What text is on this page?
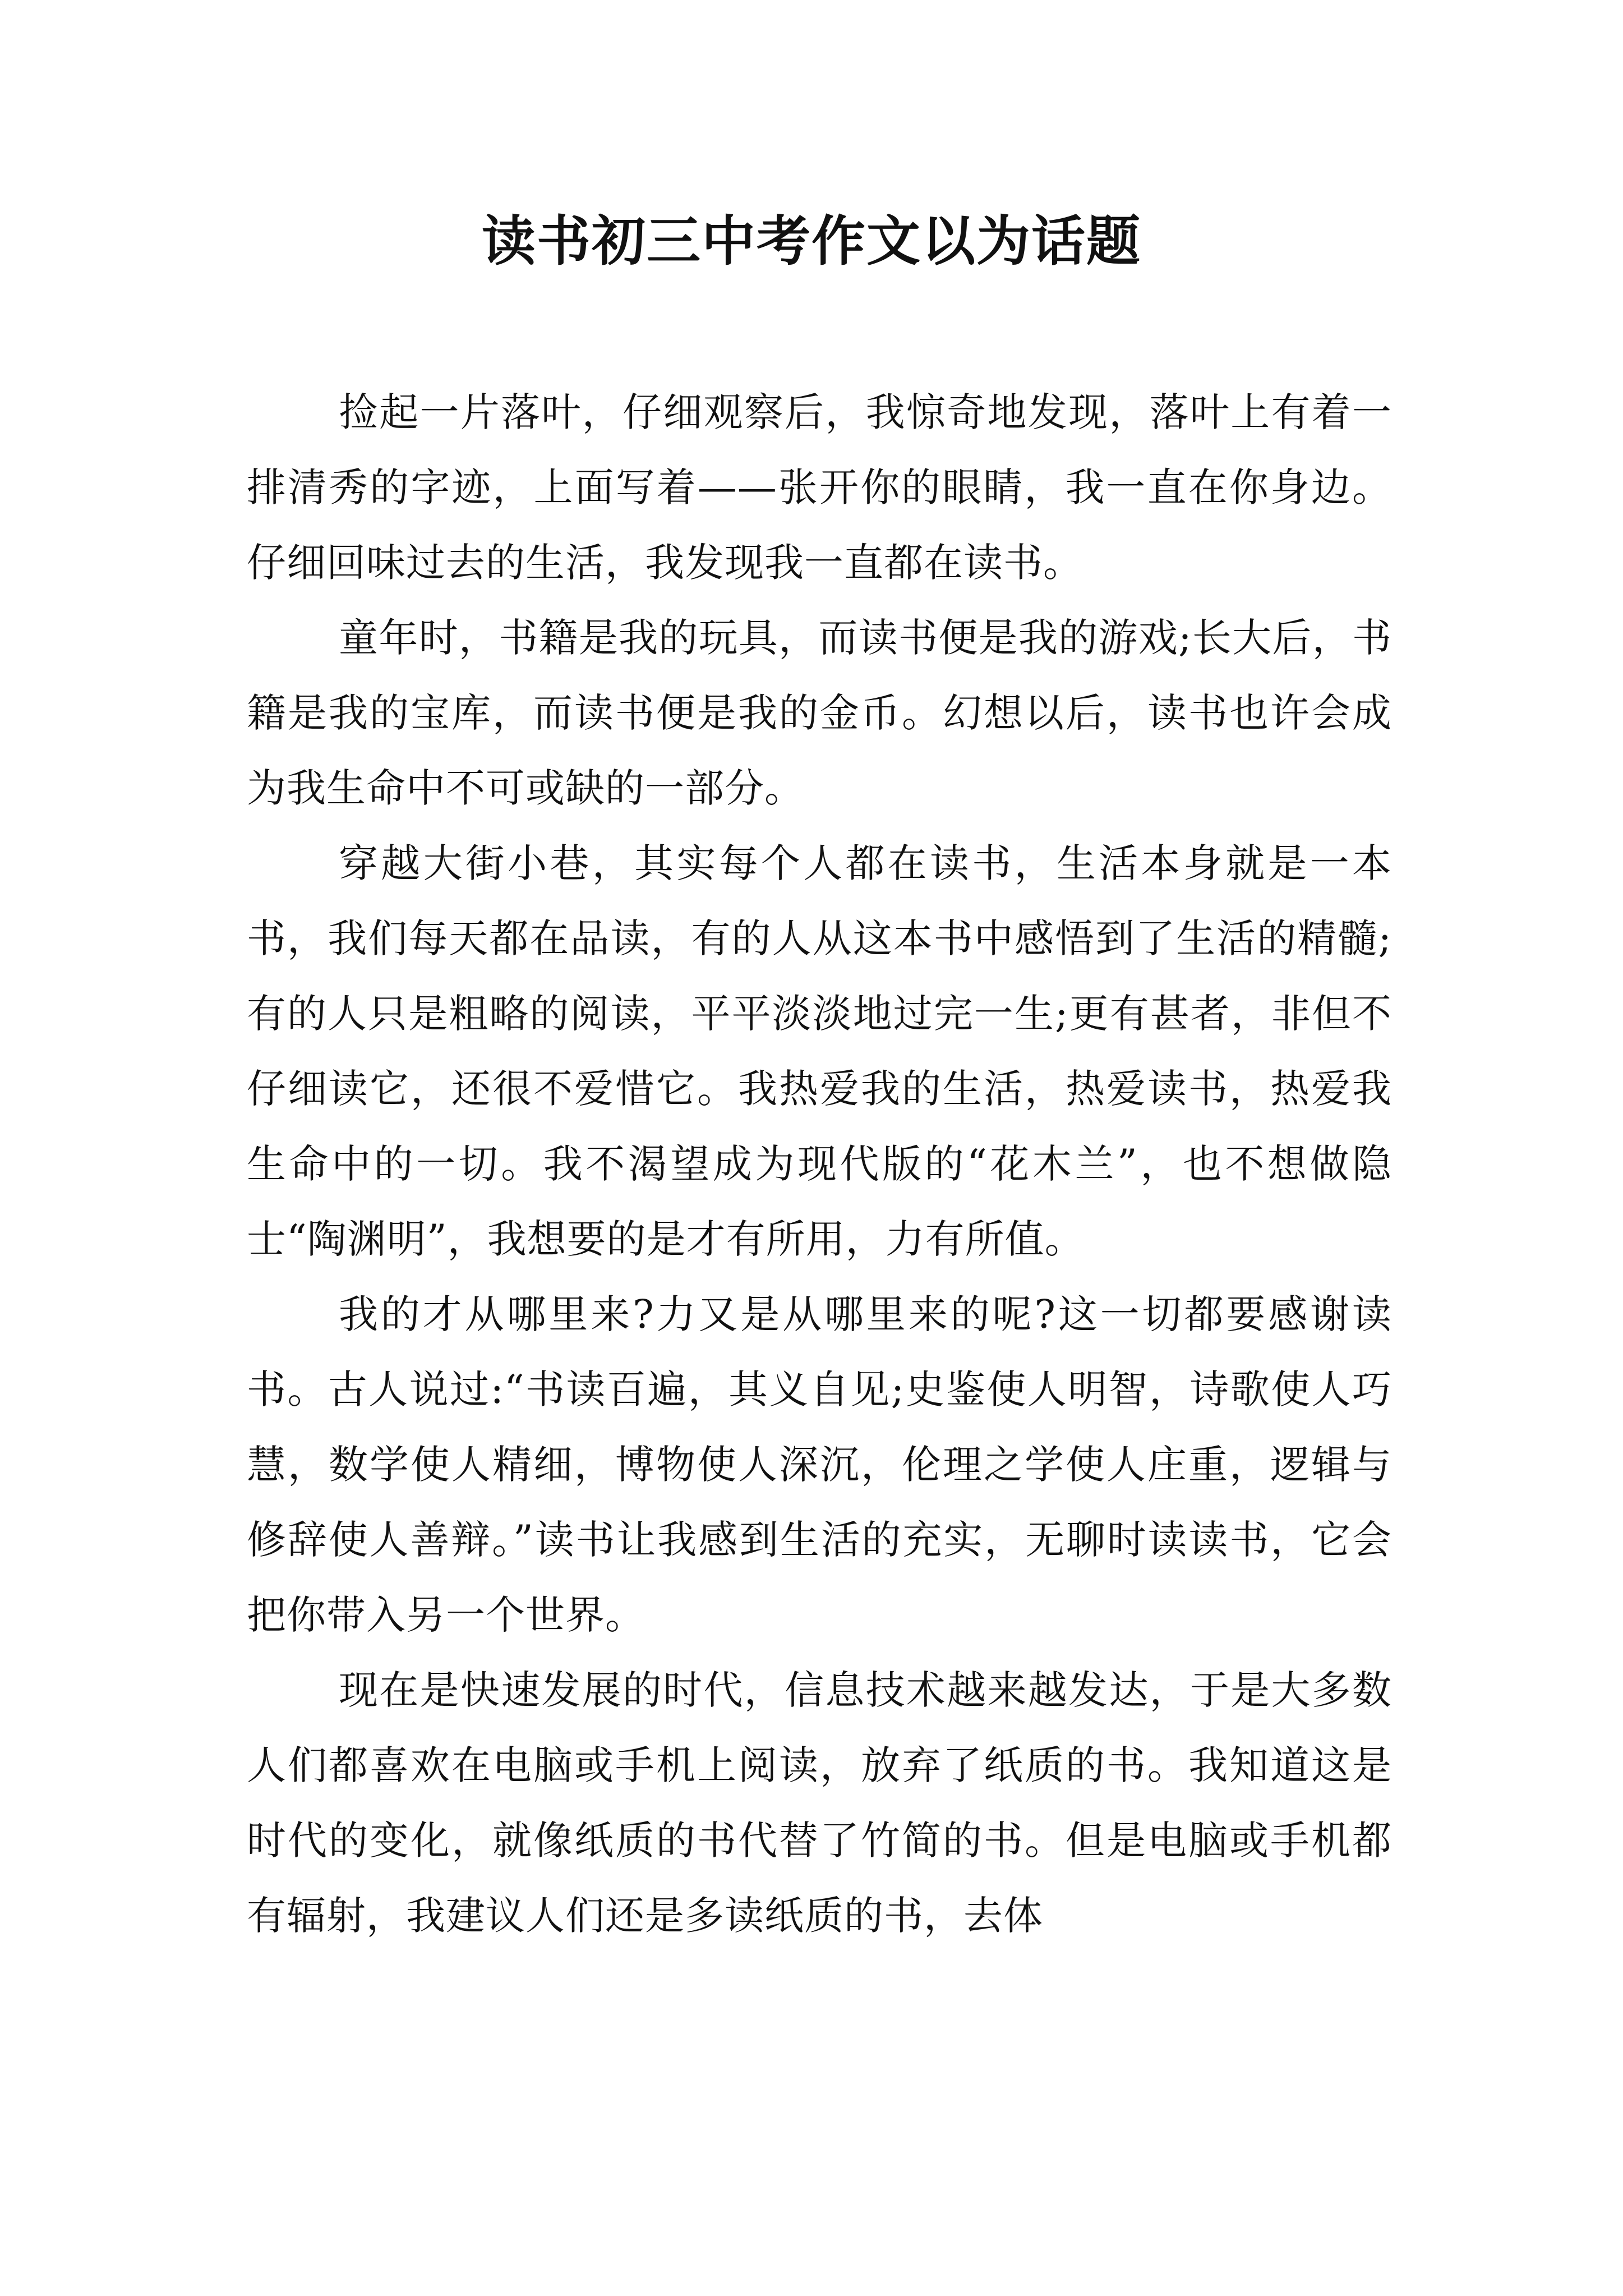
读书初三中考作文以为话题

捡起一片落叶，仔细观察后，我惊奇地发现，落叶上有着一排清秀的字迹，上面写着——张开你的眼睛，我一直在你身边。仔细回味过去的生活，我发现我一直都在读书。

童年时，书籍是我的玩具，而读书便是我的游戏;长大后，书籍是我的宝库，而读书便是我的金币。幻想以后，读书也许会成为我生命中不可或缺的一部分。

穿越大街小巷，其实每个人都在读书，生活本身就是一本书，我们每天都在品读，有的人从这本书中感悟到了生活的精髓;有的人只是粗略的阅读，平平淡淡地过完一生;更有甚者，非但不仔细读它，还很不爱惜它。我热爱我的生活，热爱读书，热爱我生命中的一切。我不渴望成为现代版的“花木兰”，也不想做隐士“陶渊明”，我想要的是才有所用，力有所值。

我的才从哪里来?力又是从哪里来的呢?这一切都要感谢读书。古人说过:“书读百遍，其义自见;史鉴使人明智，诗歌使人巧慧，数学使人精细，博物使人深沉，伦理之学使人庄重，逻辑与修辞使人善辩。”读书让我感到生活的充实，无聊时读读书，它会把你带入另一个世界。

现在是快速发展的时代，信息技术越来越发达，于是大多数人们都喜欢在电脑或手机上阅读，放弃了纸质的书。我知道这是时代的变化，就像纸质的书代替了竹简的书。但是电脑或手机都有辐射，我建议人们还是多读纸质的书，去体
